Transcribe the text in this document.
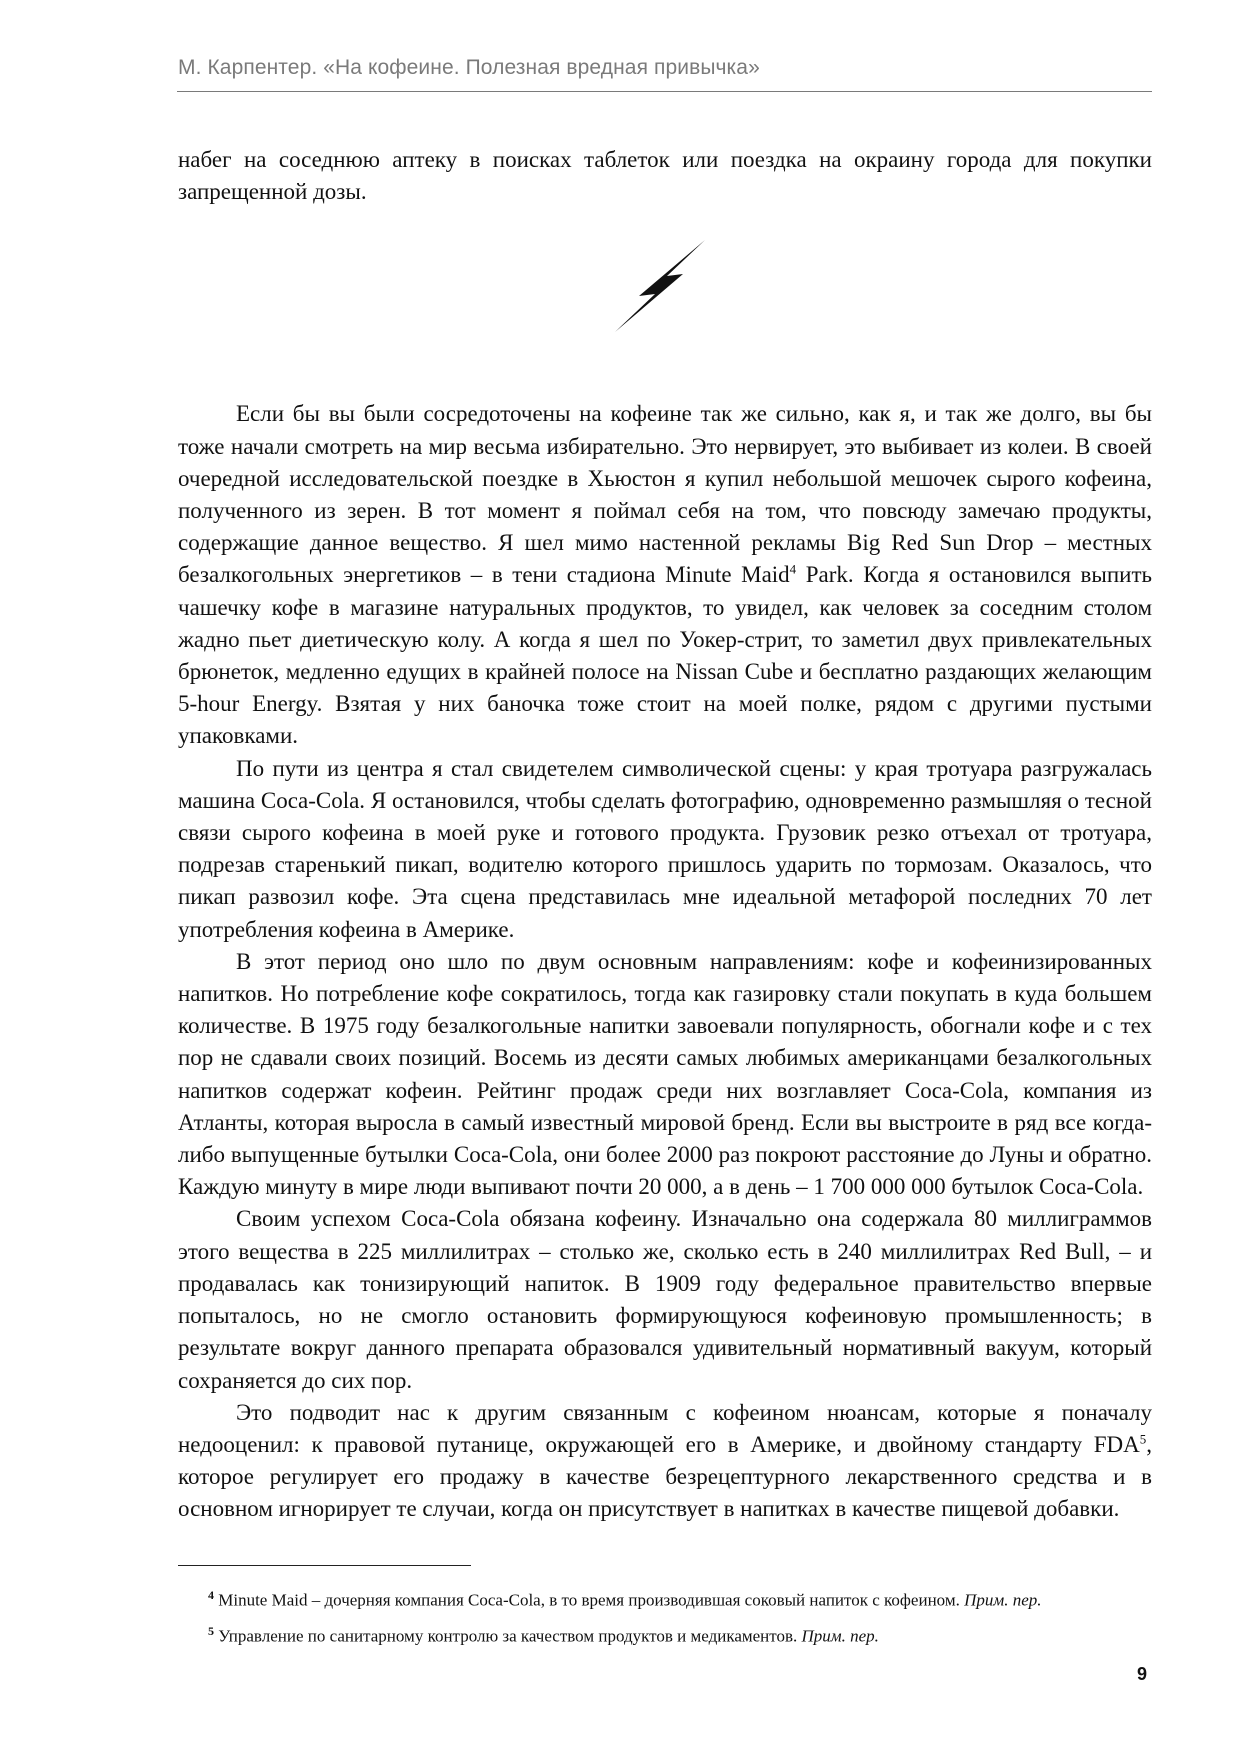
М. Карпентер. «На кофеине. Полезная вредная привычка»

набег на соседнюю аптеку в поисках таблеток или поездка на окраину города для покупки запрещенной дозы.

Если бы вы были сосредоточены на кофеине так же сильно, как я, и так же долго, вы бы тоже начали смотреть на мир весьма избирательно. Это нервирует, это выбивает из колеи. В своей очередной исследовательской поездке в Хьюстон я купил небольшой мешочек сырого кофеина, полученного из зерен. В тот момент я поймал себя на том, что повсюду замечаю продукты, содержащие данное вещество. Я шел мимо настенной рекламы Big Red Sun Drop – местных безалкогольных энергетиков – в тени стадиона Minute Maid$^4$ Park. Когда я остановился выпить чашечку кофе в магазине натуральных продуктов, то увидел, как человек за соседним столом жадно пьет диетическую колу. А когда я шел по Уокер-стрит, то заметил двух привлекательных брюнеток, медленно едущих в крайней полосе на Nissan Cube и бесплатно раздающих желающим 5-hour Energy. Взятая у них баночка тоже стоит на моей полке, рядом с другими пустыми упаковками.

По пути из центра я стал свидетелем символической сцены: у края тротуара разгружалась машина Coca-Cola. Я остановился, чтобы сделать фотографию, одновременно размышляя о тесной связи сырого кофеина в моей руке и готового продукта. Грузовик резко отъехал от тротуара, подрезав старенький пикап, водителю которого пришлось ударить по тормозам. Оказалось, что пикап развозил кофе. Эта сцена представилась мне идеальной метафорой последних 70 лет употребления кофеина в Америке.

В этот период оно шло по двум основным направлениям: кофе и кофеинизированных напитков. Но потребление кофе сократилось, тогда как газировку стали покупать в куда большем количестве. В 1975 году безалкогольные напитки завоевали популярность, обогнали кофе и с тех пор не сдавали своих позиций. Восемь из десяти самых любимых американцами безалкогольных напитков содержат кофеин. Рейтинг продаж среди них возглавляет Coca-Cola, компания из Атланты, которая выросла в самый известный мировой бренд. Если вы выстроите в ряд все когда-либо выпущенные бутылки Coca-Cola, они более 2000 раз покроют расстояние до Луны и обратно. Каждую минуту в мире люди выпивают почти 20 000, а в день – 1 700 000 000 бутылок Coca-Cola.

Своим успехом Coca-Cola обязана кофеину. Изначально она содержала 80 миллиграммов этого вещества в 225 миллилитрах – столько же, сколько есть в 240 миллилитрах Red Bull, – и продавалась как тонизирующий напиток. В 1909 году федеральное правительство впервые попыталось, но не смогло остановить формирующуюся кофеиновую промышленность; в результате вокруг данного препарата образовался удивительный нормативный вакуум, который сохраняется до сих пор.

Это подводит нас к другим связанным с кофеином нюансам, которые я поначалу недооценил: к правовой путанице, окружающей его в Америке, и двойному стандарту FDA$^5$, которое регулирует его продажу в качестве безрецептурного лекарственного средства и в основном игнорирует те случаи, когда он присутствует в напитках в качестве пищевой добавки.

$^4$ Minute Maid – дочерняя компания Coca-Cola, в то время производившая соковый напиток с кофеином. Прим. пер.

$^5$ Управление по санитарному контролю за качеством продуктов и медикаментов. Прим. пер.

9
